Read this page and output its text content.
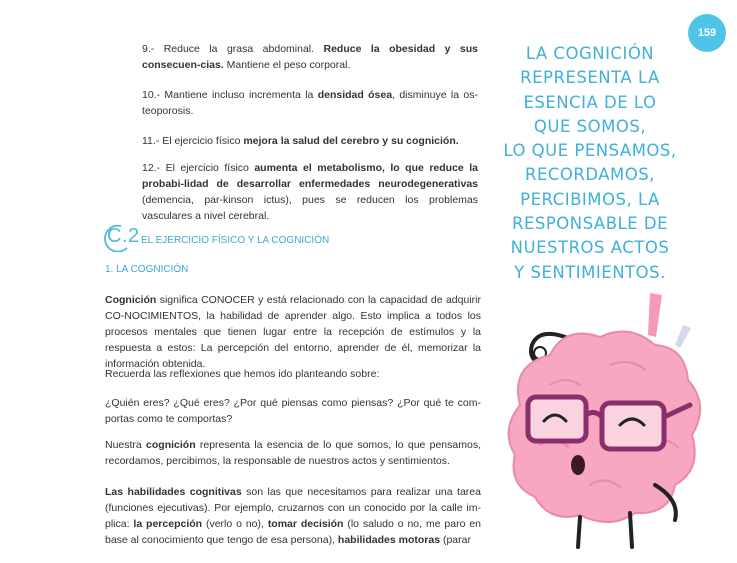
159
9.- Reduce la grasa abdominal. Reduce la obesidad y sus consecuen-cias. Mantiene el peso corporal.
10.- Mantiene incluso incrementa la densidad ósea, disminuye la os-teoporosis.
11.- El ejercicio físico mejora la salud del cerebro y su cognición.
12.- El ejercicio físico aumenta el metabolismo, lo que reduce la probabi-lidad de desarrollar enfermedades neurodegenerativas (demencia, par-kinson ictus), pues se reducen los problemas vasculares a nivel cerebral.
C.2 EL EJERCICIO FÍSICO Y LA COGNICIÓN
1. LA COGNICIÓN
Cognición significa CONOCER y está relacionado con la capacidad de adquirir CO-NOCIMIENTOS, la habilidad de aprender algo. Esto implica a todos los procesos mentales que tienen lugar entre la recepción de estímulos y la respuesta a estos: La percepción del entorno, aprender de él, memorizar la información obtenida.
Recuerda las reflexiones que hemos ido planteando sobre:
¿Quién eres? ¿Qué eres? ¿Por qué piensas como piensas? ¿Por qué te com-portas como te comportas?
Nuestra cognición representa la esencia de lo que somos, lo que pensamos, recordamos, percibimos, la responsable de nuestros actos y sentimientos.
Las habilidades cognitivas son las que necesitamos para realizar una tarea (funciones ejecutivas). Por ejemplo, cruzarnos con un conocido por la calle im-plica: la percepción (verlo o no), tomar decisión (lo saludo o no, me paro en base al conocimiento que tengo de esa persona), habilidades motoras (parar
LA COGNICIÓN
REPRESENTA LA
ESENCIA DE LO
QUE SOMOS,
LO QUE PENSAMOS,
RECORDAMOS,
PERCIBIMOS, LA
RESPONSABLE DE
NUESTROS ACTOS
Y SENTIMIENTOS.
